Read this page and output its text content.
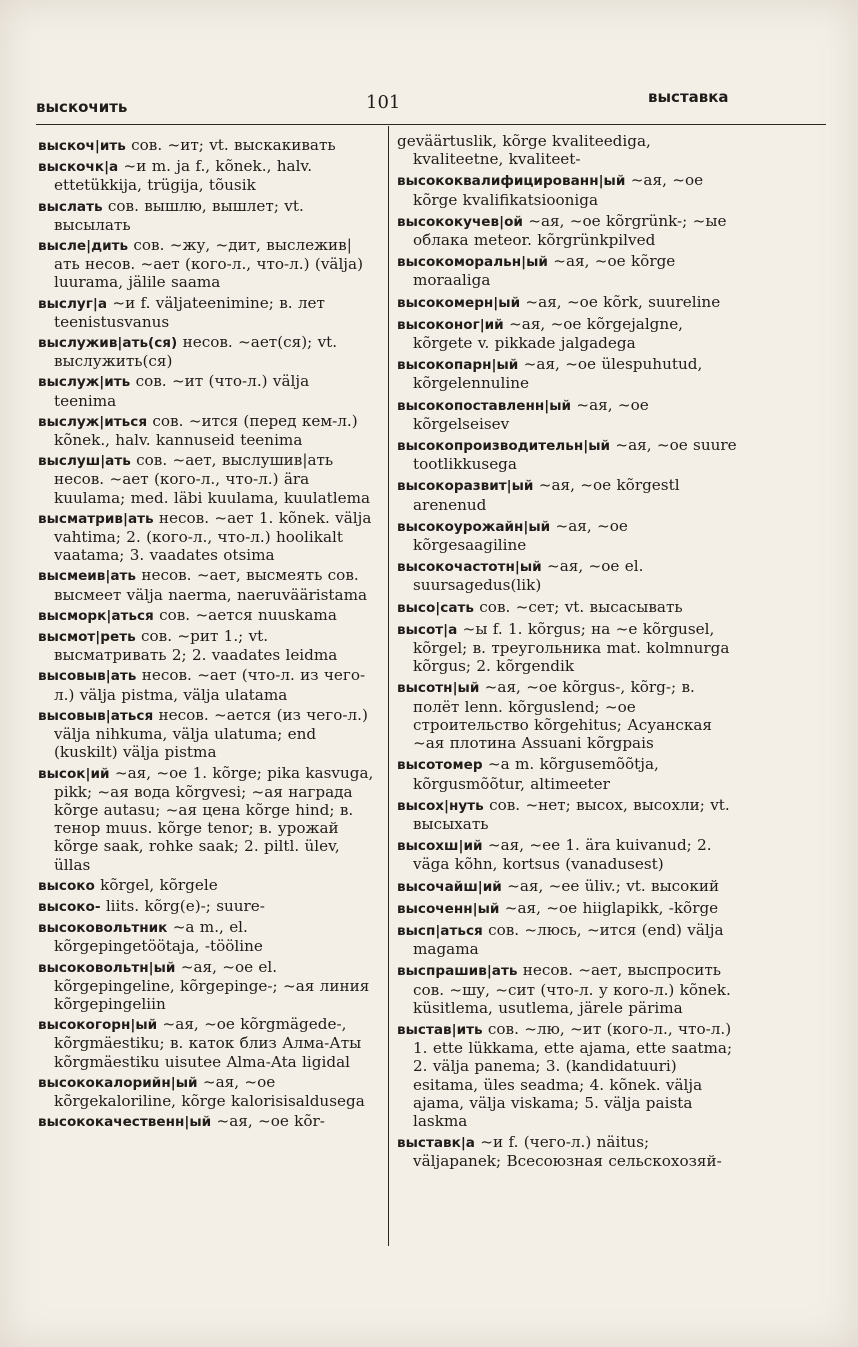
выскочить	101	выставка

выскоч|ить сов. ~ит; vt. выскакивать

выскочк|а ~и m. ja f., kõnek., halv. ettetükkija, trügija, tõusik

выслать сов. вышлю, вышлет; vt. высылать

высле|дить сов. ~жу, ~дит, выслежив|ать несов. ~ает (кого-л., что-л.) (välja) luurama, jälile saama

выслуг|а ~и f. väljateenimine; в. лет teenistusvanus

выслужив|ать(ся) несов. ~ает(ся); vt. выслужить(ся)

выслуж|ить сов. ~ит (что-л.) välja teenima

выслуж|иться сов. ~ится (перед кем-л.) kõnek., halv. kannuseid teenima

выслуш|ать сов. ~ает, выслушив|ать несов. ~ает (кого-л., что-л.) ära kuulama; med. läbi kuulama, kuulatlema

высматрив|ать несов. ~ает 1. kõnek. välja vahtima; 2. (кого-л., что-л.) hoolikalt vaatama; 3. vaadates otsima

высмеив|ать несов. ~ает, высмеять сов. высмеет välja naerma, naeruvääristama

высморк|аться сов. ~ается nuuskama

высмот|реть сов. ~рит 1.; vt. высматривать 2; 2. vaadates leidma

высовыв|ать несов. ~ает (что-л. из чего-л.) välja pistma, välja ulatama

высовыв|аться несов. ~ается (из чего-л.) välja nihkuma, välja ulatuma; end (kuskilt) välja pistma

высок|ий ~ая, ~ое 1. kõrge; pika kasvuga, pikk; ~ая вода kõrgvesi; ~ая награда kõrge autasu; ~ая цена kõrge hind; в. тенор muus. kõrge tenor; в. урожай kõrge saak, rohke saak; 2. piltl. ülev, üllas

высоко kõrgel, kõrgele

высоко- liits. kõrg(e)-; suure-

высоковольтник ~а m., el. kõrgepingetöötaja, -tööline

высоковольтн|ый ~ая, ~ое el. kõrgepingeline, kõrgepinge-; ~ая линия kõrgepingeliin

высокогорн|ый ~ая, ~ое kõrgmägede-, kõrgmäestiku; в. каток близ Алма-Аты kõrgmäestiku uisutee Alma-Ata ligidal

высококалорийн|ый ~ая, ~ое kõrgekaloriline, kõrge kalorisisaldusega

высококачественн|ый ~ая, ~ое kõr-

geväärtuslik, kõrge kvaliteediga, kvaliteetne, kvaliteet-

высококвалифицированн|ый ~ая, ~ое kõrge kvalifikatsiooniga

высококучев|ой ~ая, ~ое kõrgrünk-; ~ые облака meteor. kõrgrünkpilved

высокоморальн|ый ~ая, ~ое kõrge moraaliga

высокомерн|ый ~ая, ~ое kõrk, suureline

высоконог|ий ~ая, ~ое kõrgejalgne, kõrgete v. pikkade jalgadega

высокопарн|ый ~ая, ~ое ülespuhutud, kõrgelennuline

высокопоставленн|ый ~ая, ~ое kõrgelseisev

высокопроизводительн|ый ~ая, ~ое suure tootlikkusega

высокоразвит|ый ~ая, ~ое kõrgestl arenenud

высокоурожайн|ый ~ая, ~ое kõrgesaagiline

высокочастотн|ый ~ая, ~ое el. suursagedus(lik)

высо|сать сов. ~сет; vt. высасывать

высот|а ~ы f. 1. kõrgus; на ~е kõrgusel, kõrgel; в. треугольника mat. kolmnurga kõrgus; 2. kõrgendik

высотн|ый ~ая, ~ое kõrgus-, kõrg-; в. полёт lenn. kõrguslend; ~ое строительство kõrgehitus; Асуанская ~ая плотина Assuani kõrgpais

высотомер ~а m. kõrgusemõõtja, kõrgusmõõtur, altimeeter

высох|нуть сов. ~нет; высох, высохли; vt. высыхать

высохш|ий ~ая, ~ее 1. ära kuivanud; 2. väga kõhn, kortsus (vanadusest)

высочайш|ий ~ая, ~ее üliv.; vt. высокий

высоченн|ый ~ая, ~ое hiiglapikk, -kõrge

высп|аться сов. ~люсь, ~ится (end) välja magama

выспрашив|ать несов. ~ает, выспросить сов. ~шу, ~сит (что-л. у кого-л.) kõnek. küsitlema, usutlema, järele pärima

выстав|ить сов. ~лю, ~ит (кого-л., что-л.) 1. ette lükkama, ette ajama, ette saatma; 2. välja panema; 3. (kandidatuuri) esitama, üles seadma; 4. kõnek. välja ajama, välja viskama; 5. välja paista laskma

выставк|а ~и f. (чего-л.) näitus; väljapanek; Всесоюзная сельскохозяй-
